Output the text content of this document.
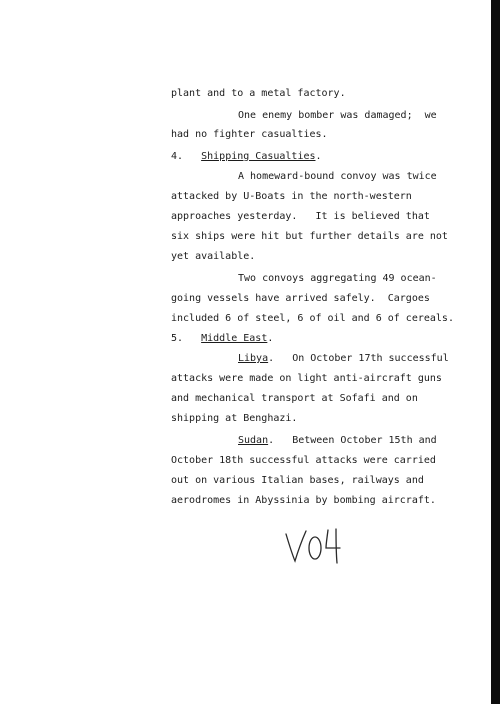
plant and to a metal factory.
One enemy bomber was damaged;  we
had no fighter casualties.
4. Shipping Casualties.
A homeward-bound convoy was twice
attacked by U-Boats in the north-western
approaches yesterday.   It is believed that
six ships were hit but further details are not
yet available.
Two convoys aggregating 49 ocean-
going vessels have arrived safely.  Cargoes
included 6 of steel, 6 of oil and 6 of cereals.
5. Middle East.
Libya.   On October 17th successful
attacks were made on light anti-aircraft guns
and mechanical transport at Sofafi and on
shipping at Benghazi.
Sudan.   Between October 15th and
October 18th successful attacks were carried
out on various Italian bases, railways and
aerodromes in Abyssinia by bombing aircraft.
